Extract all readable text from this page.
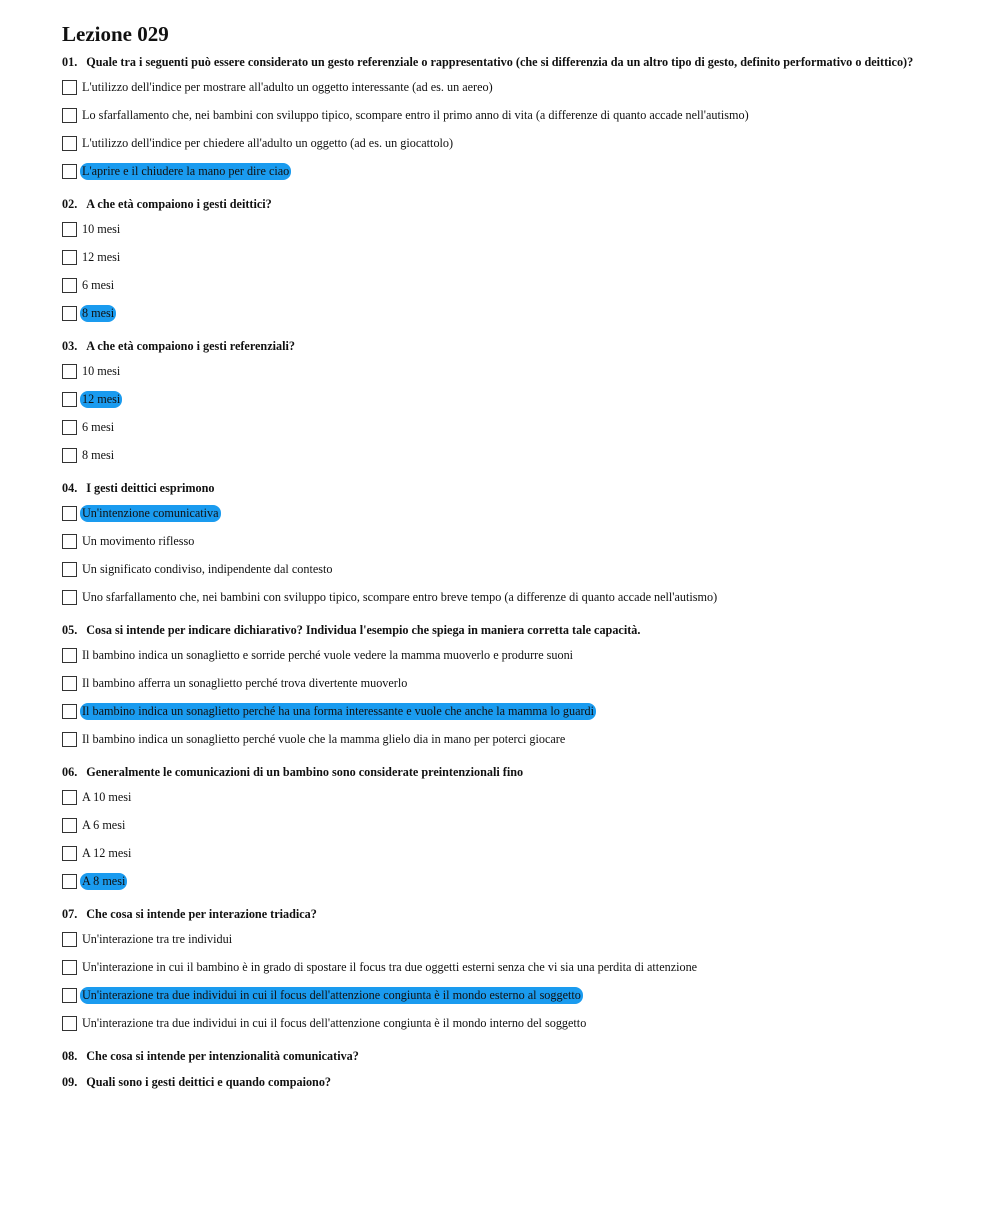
Lezione 029
01. Quale tra i seguenti può essere considerato un gesto referenziale o rappresentativo (che si differenzia da un altro tipo di gesto, definito performativo o deittico)?
L'utilizzo dell'indice per mostrare all'adulto un oggetto interessante (ad es. un aereo)
Lo sfarfallamento che, nei bambini con sviluppo tipico, scompare entro il primo anno di vita (a differenze di quanto accade nell'autismo)
L'utilizzo dell'indice per chiedere all'adulto un oggetto (ad es. un giocattolo)
L'aprire e il chiudere la mano per dire ciao
02. A che età compaiono i gesti deittici?
10 mesi
12 mesi
6 mesi
8 mesi
03. A che età compaiono i gesti referenziali?
10 mesi
12 mesi
6 mesi
8 mesi
04. I gesti deittici esprimono
Un'intenzione comunicativa
Un movimento riflesso
Un significato condiviso, indipendente dal contesto
Uno sfarfallamento che, nei bambini con sviluppo tipico, scompare entro breve tempo (a differenze di quanto accade nell'autismo)
05. Cosa si intende per indicare dichiarativo? Individua l'esempio che spiega in maniera corretta tale capacità.
Il bambino indica un sonaglietto e sorride perché vuole vedere la mamma muoverlo e produrre suoni
Il bambino afferra un sonaglietto perché trova divertente muoverlo
Il bambino indica un sonaglietto perché ha una forma interessante e vuole che anche la mamma lo guardi
Il bambino indica un sonaglietto perché vuole che la mamma glielo dia in mano per poterci giocare
06. Generalmente le comunicazioni di un bambino sono considerate preintenzionali fino
A 10 mesi
A 6 mesi
A 12 mesi
A 8 mesi
07. Che cosa si intende per interazione triadica?
Un'interazione tra tre individui
Un'interazione in cui il bambino è in grado di spostare il focus tra due oggetti esterni senza che vi sia una perdita di attenzione
Un'interazione tra due individui in cui il focus dell'attenzione congiunta è il mondo esterno al soggetto
Un'interazione tra due individui in cui il focus dell'attenzione congiunta è il mondo interno del soggetto
08. Che cosa si intende per intenzionalità comunicativa?
09. Quali sono i gesti deittici e quando compaiono?
